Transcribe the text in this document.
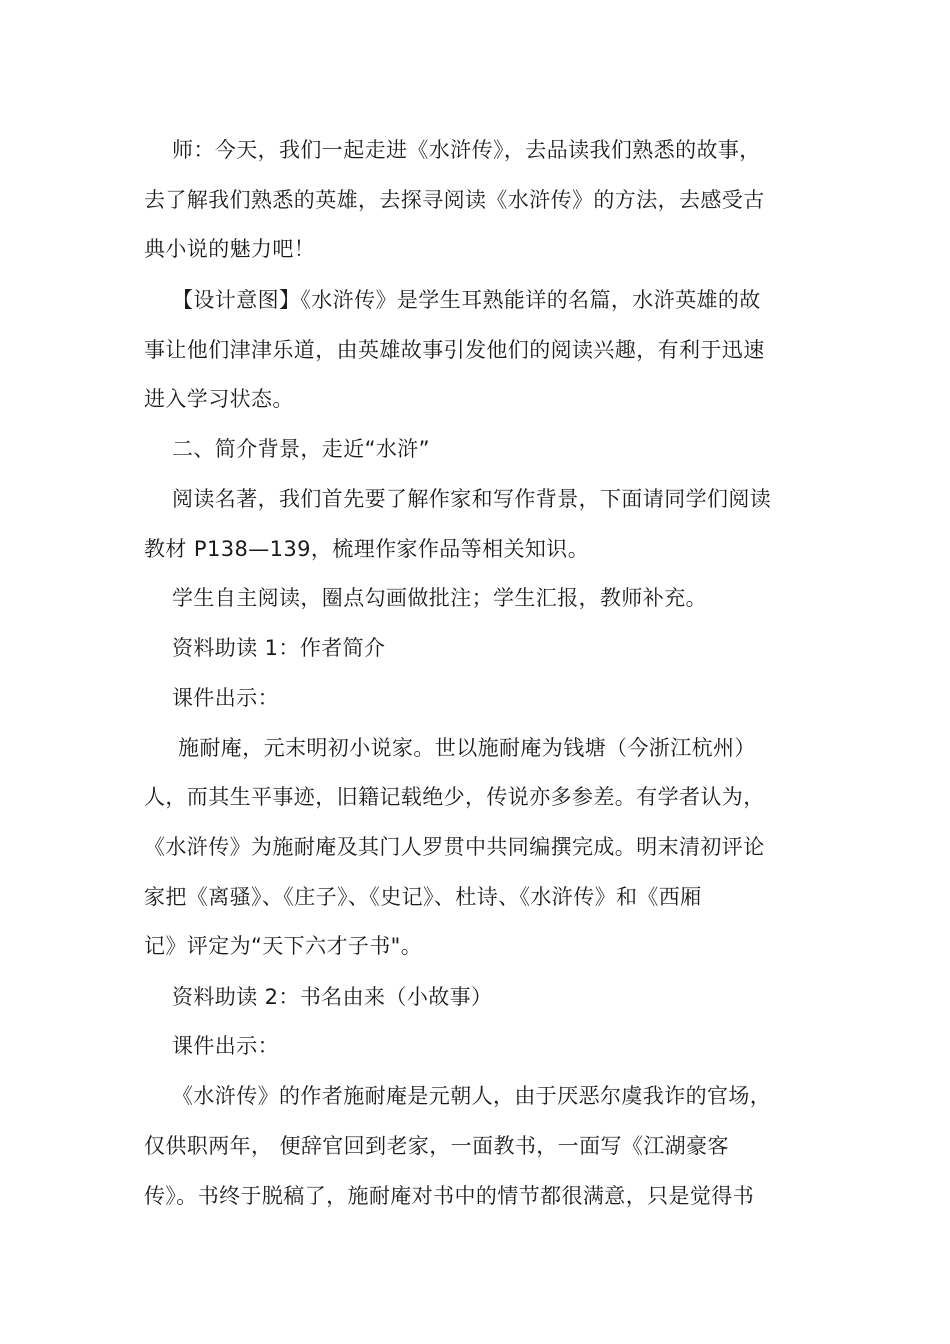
师：今天，我们一起走进《水浒传》，去品读我们熟悉的故事，
去了解我们熟悉的英雄，去探寻阅读《水浒传》的方法，去感受古
典小说的魅力吧！
【设计意图】《水浒传》是学生耳熟能详的名篇，水浒英雄的故
事让他们津津乐道，由英雄故事引发他们的阅读兴趣，有利于迅速
进入学习状态。
二、简介背景，走近“水浒”
阅读名著，我们首先要了解作家和写作背景，下面请同学们阅读
教材 P138—139，梳理作家作品等相关知识。
学生自主阅读，圈点勾画做批注；学生汇报，教师补充。
资料助读 1：作者简介
课件出示：
施耐庵，元末明初小说家。世以施耐庵为钱塘（今浙江杭州）
人，而其生平事迹，旧籍记载绝少，传说亦多参差。有学者认为，
《水浒传》为施耐庵及其门人罗贯中共同编撰完成。明末清初评论
家把《离骚》、《庄子》、《史记》、杜诗、《水浒传》和《西厢
记》评定为“天下六才子书"。
资料助读 2：书名由来（小故事）
课件出示：
《水浒传》的作者施耐庵是元朝人，由于厌恶尔虞我诈的官场，
仅供职两年， 便辞官回到老家，一面教书，一面写《江湖豪客
传》。书终于脱稿了，施耐庵对书中的情节都很满意，只是觉得书
